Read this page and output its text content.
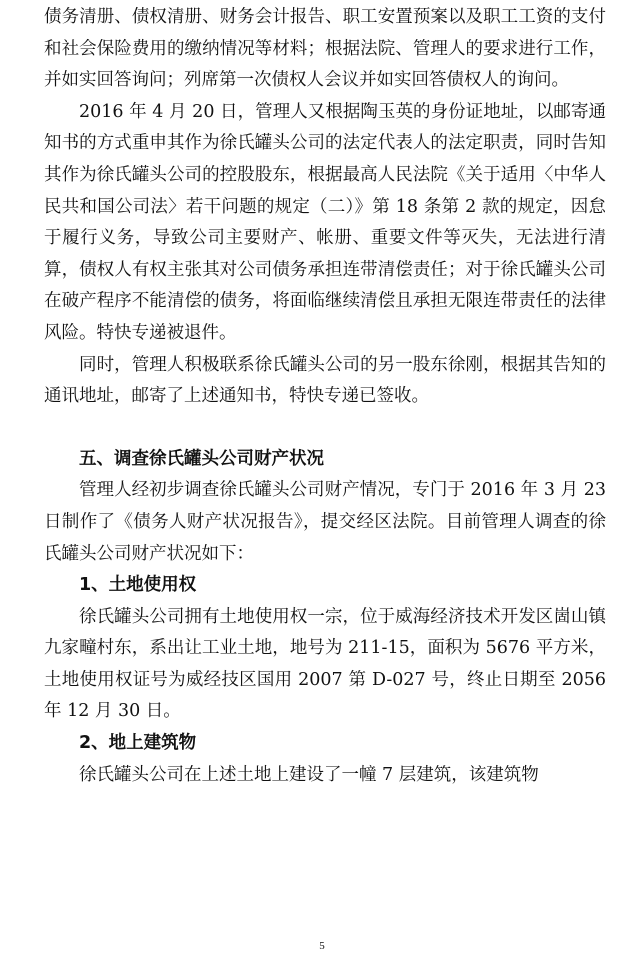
债务清册、债权清册、财务会计报告、职工安置预案以及职工工资的支付和社会保险费用的缴纳情况等材料；根据法院、管理人的要求进行工作，并如实回答询问；列席第一次债权人会议并如实回答债权人的询问。

2016 年 4 月 20 日，管理人又根据陶玉英的身份证地址，以邮寄通知书的方式重申其作为徐氏罐头公司的法定代表人的法定职责，同时告知其作为徐氏罐头公司的控股股东，根据最高人民法院《关于适用〈中华人民共和国公司法〉若干问题的规定（二）》第 18 条第 2 款的规定，因怠于履行义务，导致公司主要财产、帐册、重要文件等灭失，无法进行清算，债权人有权主张其对公司债务承担连带清偿责任；对于徐氏罐头公司在破产程序不能清偿的债务，将面临继续清偿且承担无限连带责任的法律风险。特快专递被退件。

同时，管理人积极联系徐氏罐头公司的另一股东徐刚，根据其告知的通讯地址，邮寄了上述通知书，特快专递已签收。

五、调查徐氏罐头公司财产状况

管理人经初步调查徐氏罐头公司财产情况，专门于 2016 年 3 月 23 日制作了《债务人财产状况报告》，提交经区法院。目前管理人调查的徐氏罐头公司财产状况如下：

1、土地使用权

徐氏罐头公司拥有土地使用权一宗，位于威海经济技术开发区崮山镇九家疃村东，系出让工业土地，地号为 211-15，面积为 5676 平方米，土地使用权证号为威经技区国用 2007 第 D-027 号，终止日期至 2056 年 12 月 30 日。

2、地上建筑物

徐氏罐头公司在上述土地上建设了一幢 7 层建筑，该建筑物

5
